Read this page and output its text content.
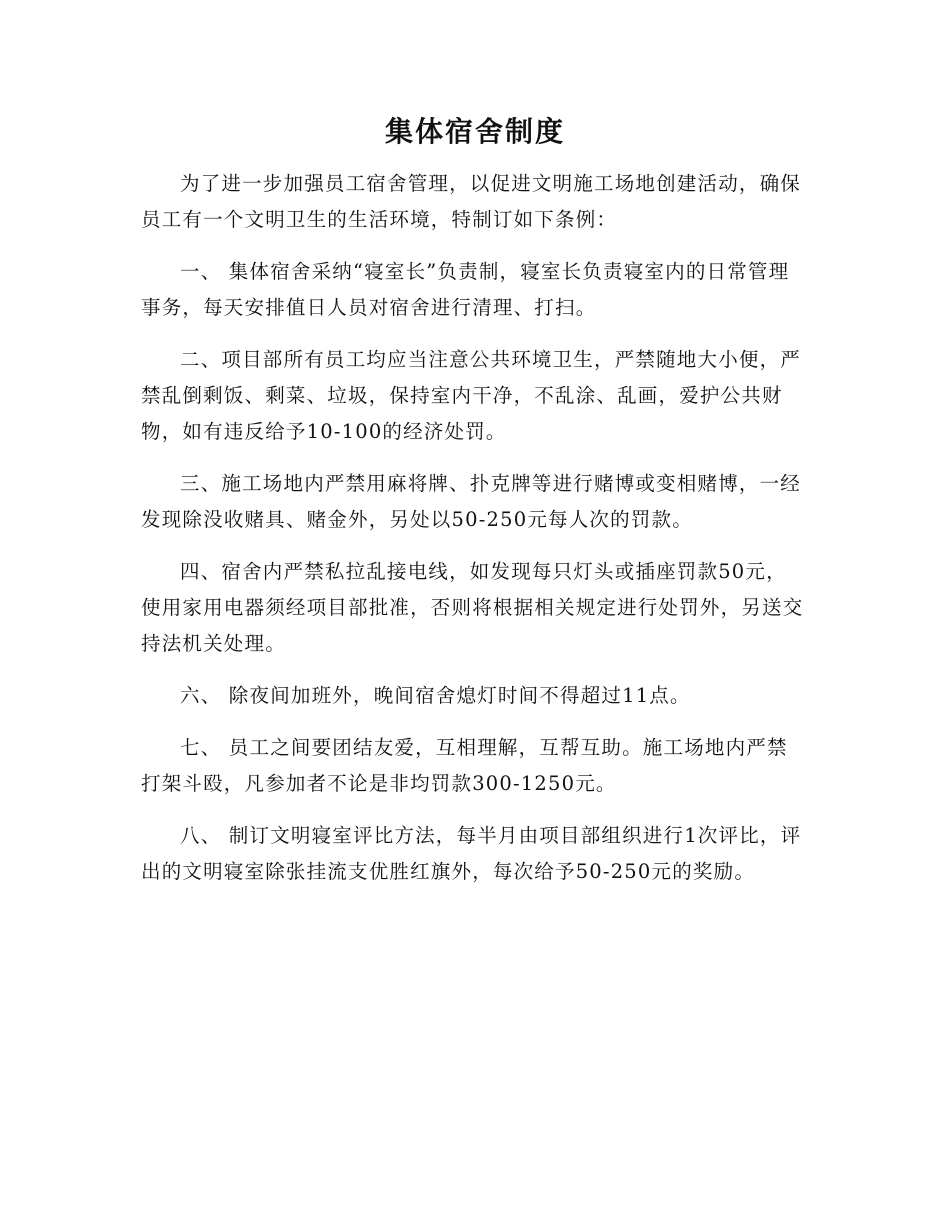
集体宿舍制度

为了进一步加强员工宿舍管理，以促进文明施工场地创建活动，确保员工有一个文明卫生的生活环境，特制订如下条例：

一、 集体宿舍采纳“寝室长”负责制，寝室长负责寝室内的日常管理事务，每天安排值日人员对宿舍进行清理、打扫。

二、项目部所有员工均应当注意公共环境卫生，严禁随地大小便，严禁乱倒剩饭、剩菜、垃圾，保持室内干净，不乱涂、乱画，爱护公共财物，如有违反给予10-100的经济处罚。

三、施工场地内严禁用麻将牌、扑克牌等进行赌博或变相赌博，一经发现除没收赌具、赌金外，另处以50-250元每人次的罚款。

四、宿舍内严禁私拉乱接电线，如发现每只灯头或插座罚款50元，使用家用电器须经项目部批准，否则将根据相关规定进行处罚外，另送交持法机关处理。

六、 除夜间加班外，晚间宿舍熄灯时间不得超过11点。

七、 员工之间要团结友爱，互相理解，互帮互助。施工场地内严禁打架斗殴，凡参加者不论是非均罚款300-1250元。

八、 制订文明寝室评比方法，每半月由项目部组织进行1次评比，评出的文明寝室除张挂流支优胜红旗外，每次给予50-250元的奖励。
